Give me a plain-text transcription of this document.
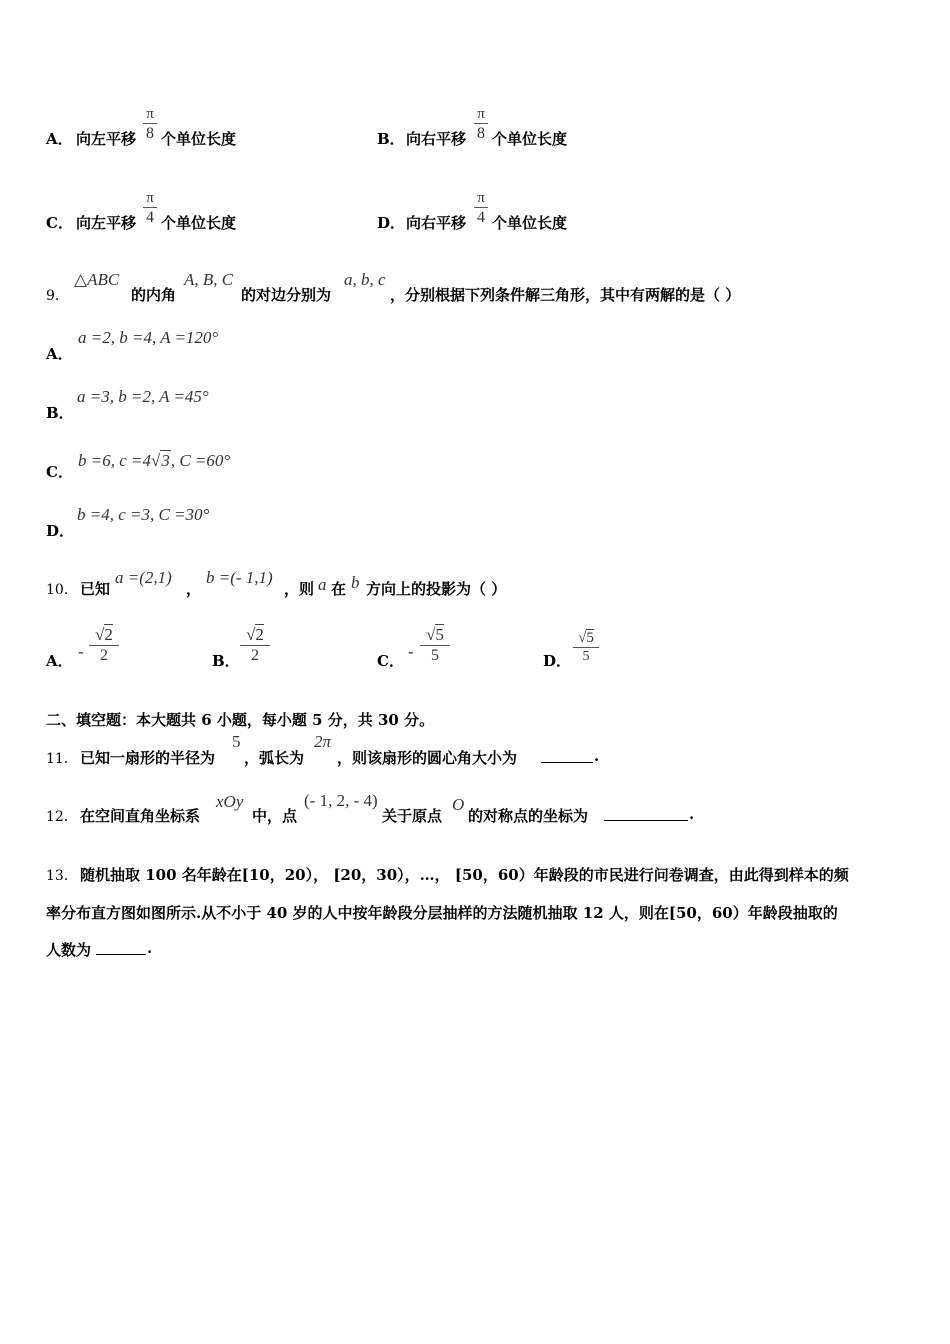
A． 向左平移
π
8 个单位长度	B． 向右平移
π
8 个单位长度
C． 向左平移
π
4 个单位长度	D． 向右平移
π
4 个单位长度
9．
△ABC
的内角
A, B, C
的对边分别为
a, b, c
，分别根据下列条件解三角形，其中有两解的是（ ）
A．
a =2, b =4, A =120°
B．
a =3, b =2, A =45°
C．
b =6, c =4√3, C =60°
D．
b =4, c =3, C =30°
10． 已知
a =(2,1)
，
b =(- 1,1)
，则 a 在 b 方向上的投影为（ ）
A． -
√2
2	B．
√2
2	C． -
√5
5	D．
√5
5
二、填空题：本大题共 6 小题，每小题 5 分，共 30 分。
11． 已知一扇形的半径为
5
，弧长为
2π
，则该扇形的圆心角大小为	.
12． 在空间直角坐标系
xOy
中，点
(- 1, 2, - 4)
关于原点
O
的对称点的坐标为	.
13． 随机抽取 100 名年龄在[10，20）， [20，30），…， [50，60）年龄段的市民进行问卷调查，由此得到样本的频
率分布直方图如图所示.从不小于 40 岁的人中按年龄段分层抽样的方法随机抽取 12 人，则在[50，60）年龄段抽取的
人数为	.
